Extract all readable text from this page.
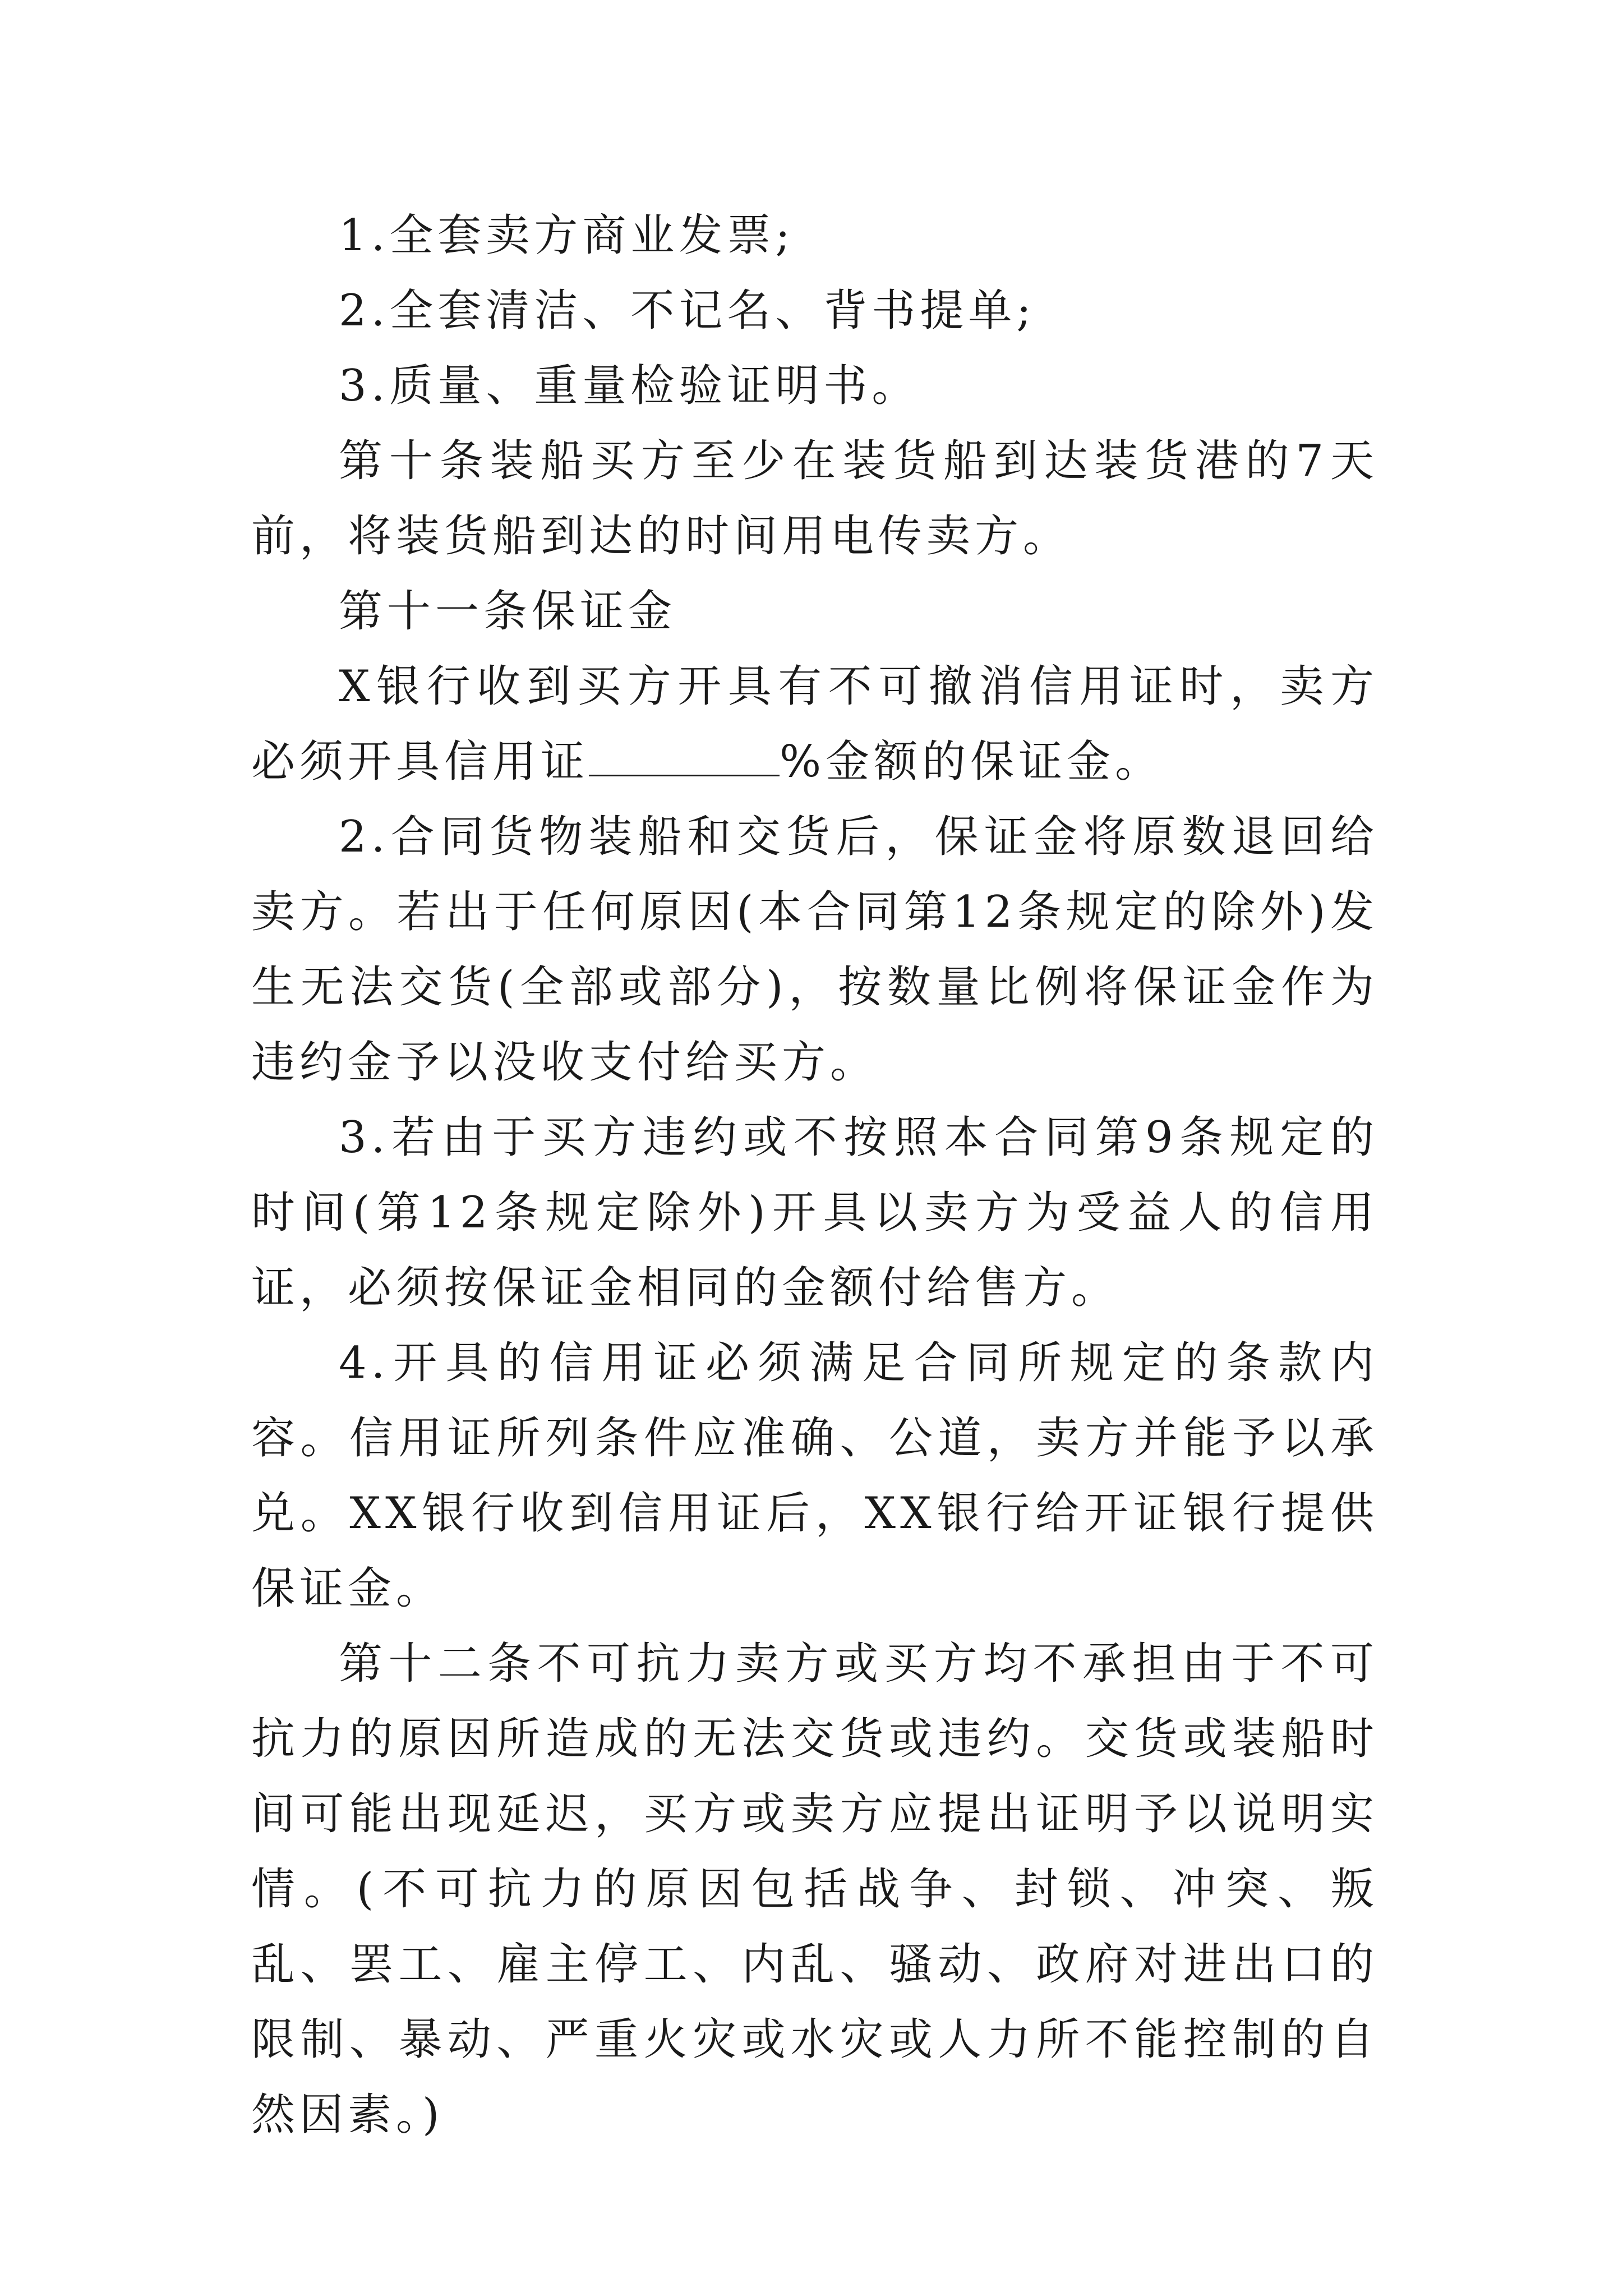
1.全套卖方商业发票;

2.全套清洁、不记名、背书提单;

3.质量、重量检验证明书。

第十条装船买方至少在装货船到达装货港的7天前，将装货船到达的时间用电传卖方。

第十一条保证金

X银行收到买方开具有不可撤消信用证时，卖方必须开具信用证	%金额的保证金。

2.合同货物装船和交货后，保证金将原数退回给卖方。若出于任何原因(本合同第12条规定的除外)发生无法交货(全部或部分)，按数量比例将保证金作为违约金予以没收支付给买方。

3.若由于买方违约或不按照本合同第9条规定的时间(第12条规定除外)开具以卖方为受益人的信用证，必须按保证金相同的金额付给售方。

4.开具的信用证必须满足合同所规定的条款内容。信用证所列条件应准确、公道，卖方并能予以承兑。XX银行收到信用证后，XX银行给开证银行提供保证金。

第十二条不可抗力卖方或买方均不承担由于不可抗力的原因所造成的无法交货或违约。交货或装船时间可能出现延迟，买方或卖方应提出证明予以说明实情。(不可抗力的原因包括战争、封锁、冲突、叛乱、罢工、雇主停工、内乱、骚动、政府对进出口的限制、暴动、严重火灾或水灾或人力所不能控制的自然因素。)
